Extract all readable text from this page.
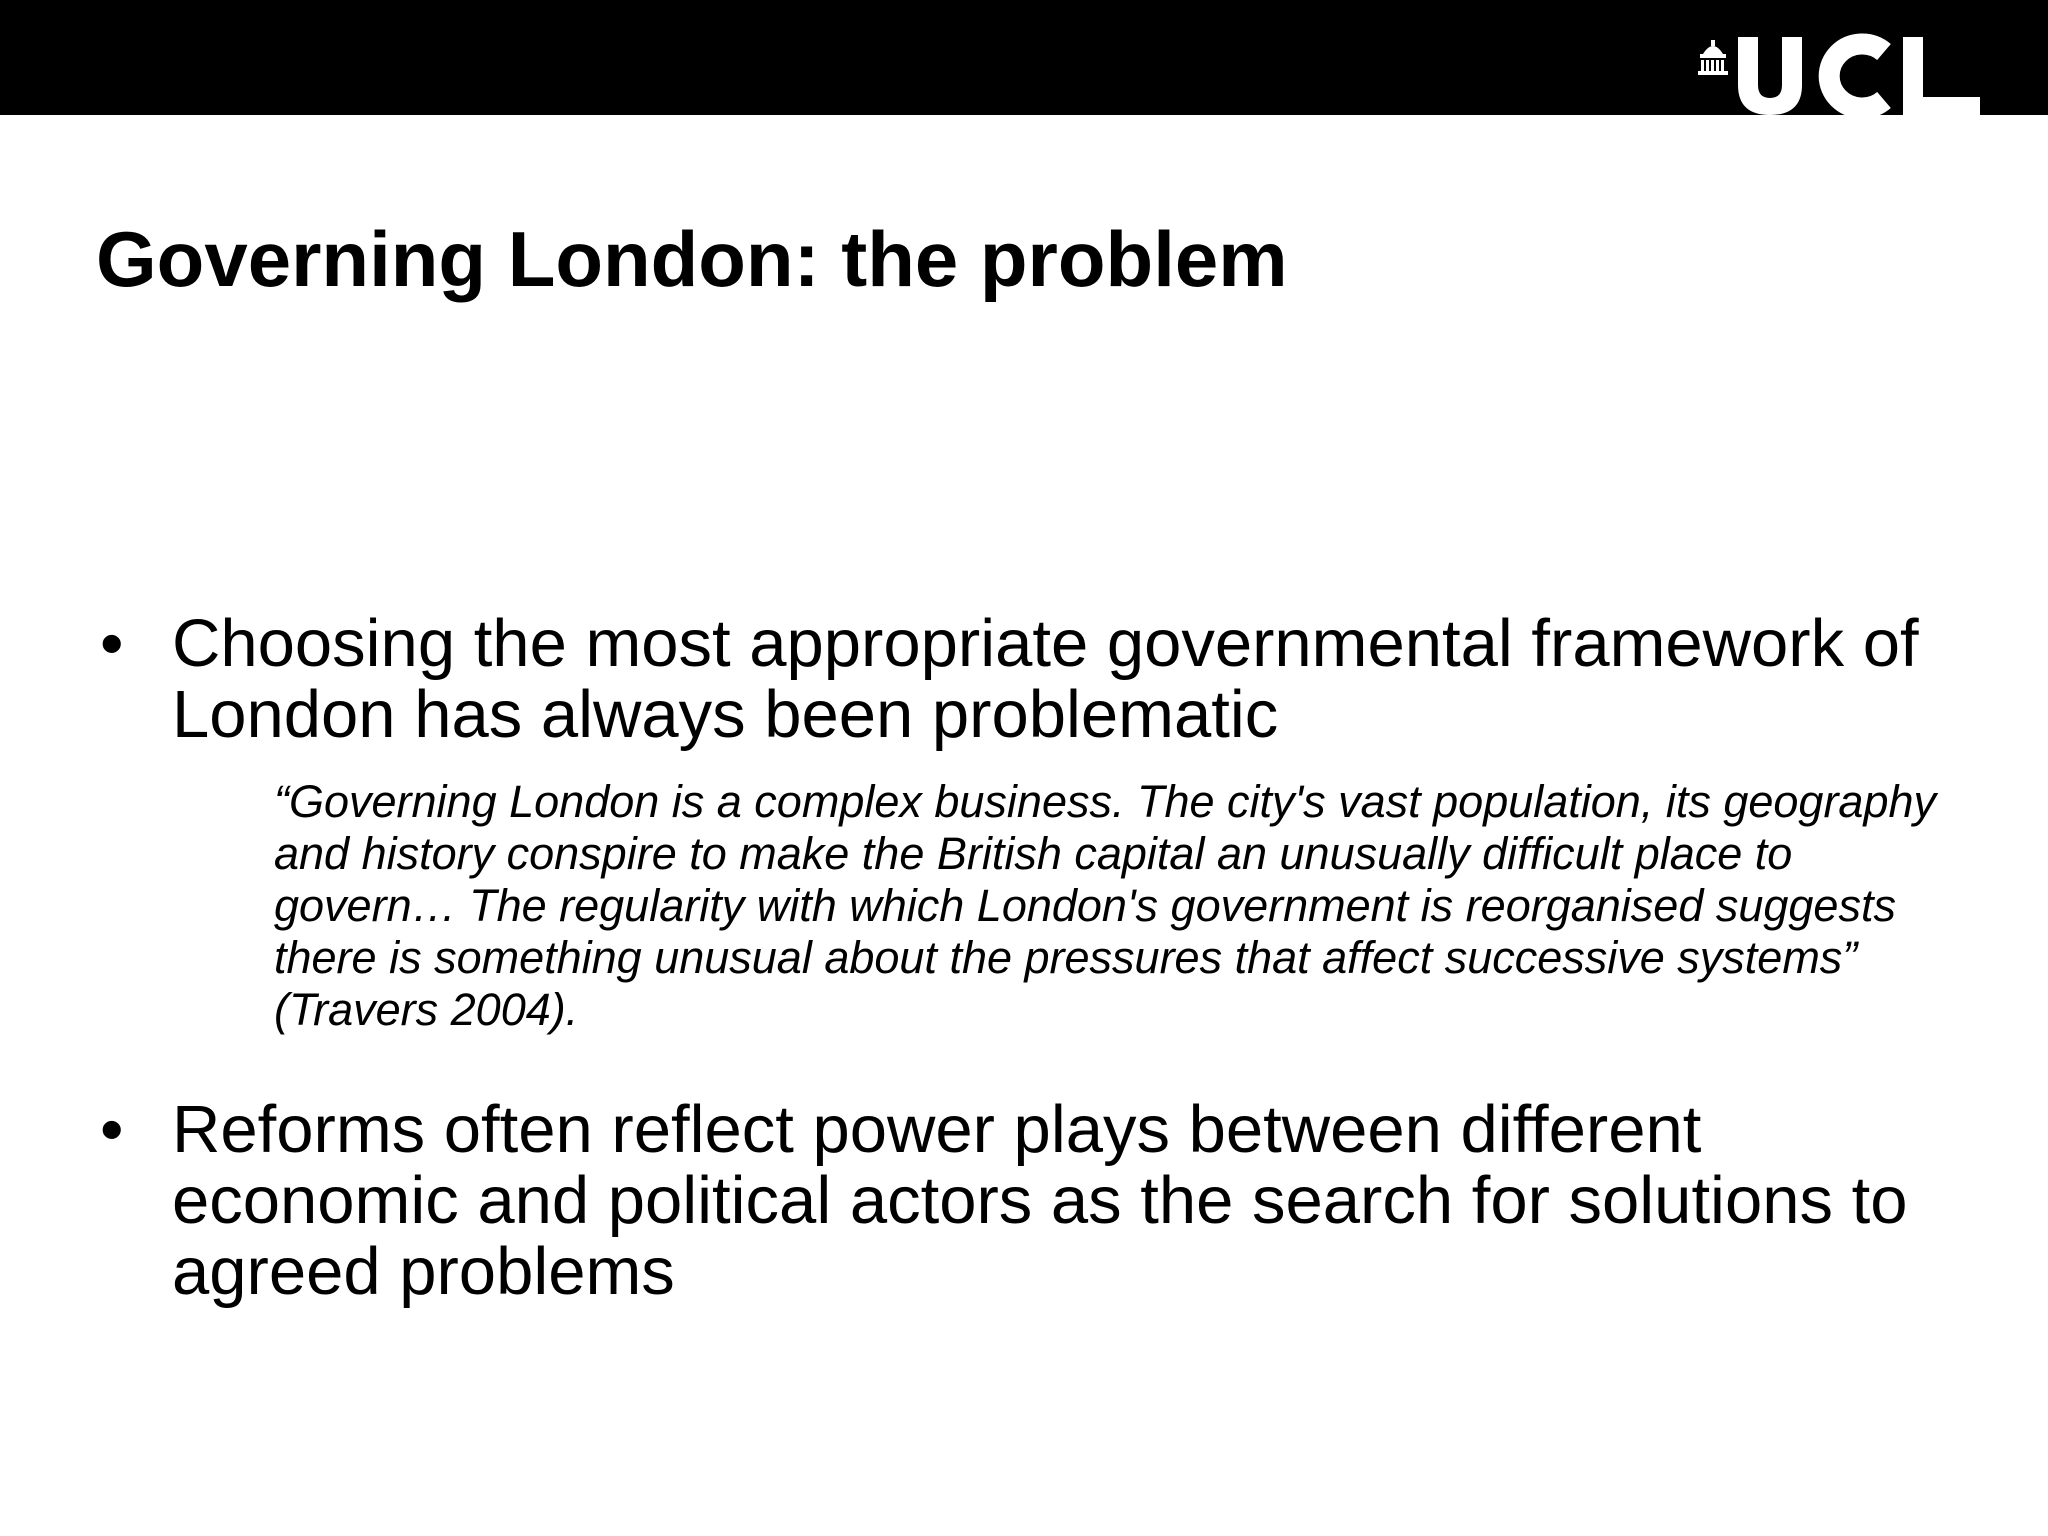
Governing London: the problem
• Choosing the most appropriate governmental framework of London has always been problematic
“Governing London is a complex business. The city's vast population, its geography and history conspire to make the British capital an unusually difficult place to govern… The regularity with which London's government is reorganised suggests there is something unusual about the pressures that affect successive systems” (Travers 2004).
• Reforms often reflect power plays between different economic and political actors as the search for solutions to agreed problems
